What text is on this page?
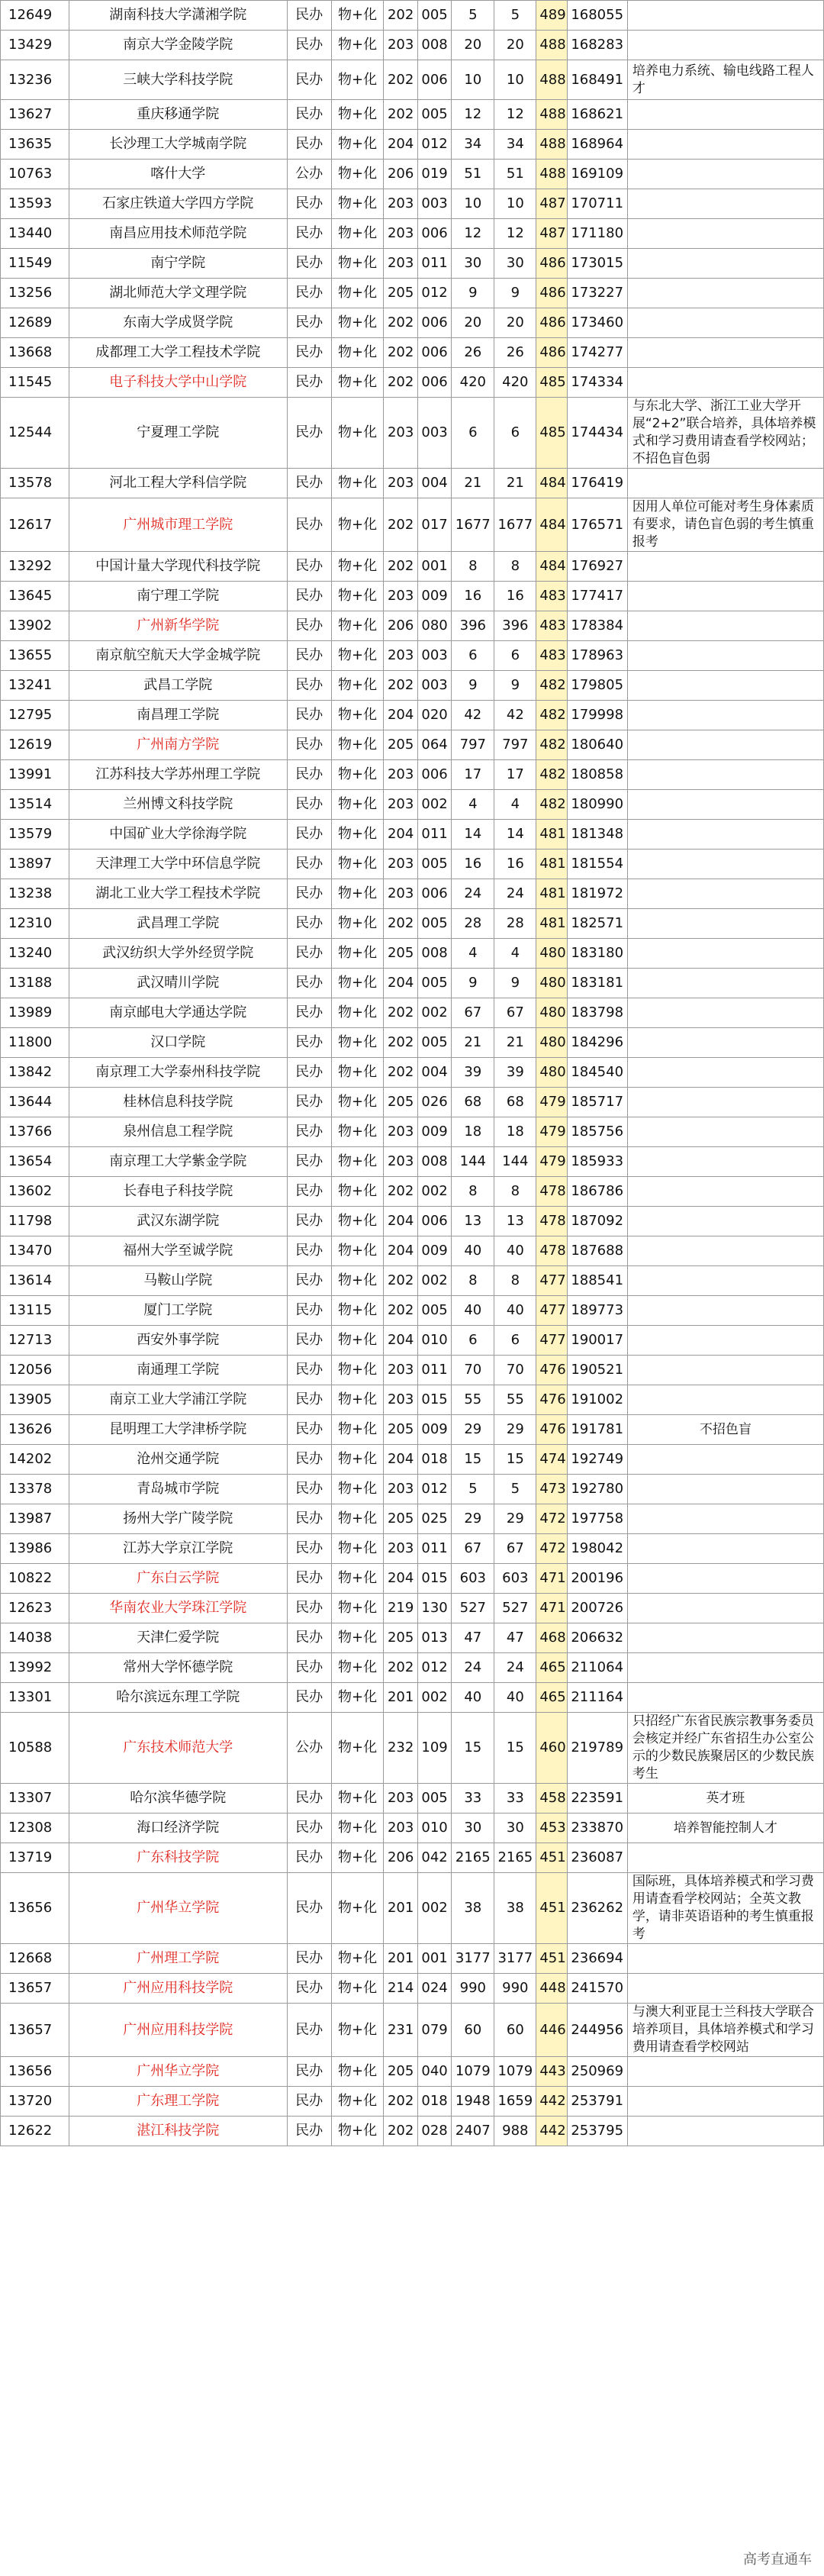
12649	湖南科技大学潇湘学院	民办	物+化	202	005	5	5	489	168055	
13429	南京大学金陵学院	民办	物+化	203	008	20	20	488	168283	
13236	三峡大学科技学院	民办	物+化	202	006	10	10	488	168491	培养电力系统、输电线路工程人才
13627	重庆移通学院	民办	物+化	202	005	12	12	488	168621	
13635	长沙理工大学城南学院	民办	物+化	204	012	34	34	488	168964	
10763	喀什大学	公办	物+化	206	019	51	51	488	169109	
13593	石家庄铁道大学四方学院	民办	物+化	203	003	10	10	487	170711	
13440	南昌应用技术师范学院	民办	物+化	203	006	12	12	487	171180	
11549	南宁学院	民办	物+化	203	011	30	30	486	173015	
13256	湖北师范大学文理学院	民办	物+化	205	012	9	9	486	173227	
12689	东南大学成贤学院	民办	物+化	202	006	20	20	486	173460	
13668	成都理工大学工程技术学院	民办	物+化	202	006	26	26	486	174277	
11545	电子科技大学中山学院	民办	物+化	202	006	420	420	485	174334	
12544	宁夏理工学院	民办	物+化	203	003	6	6	485	174434	与东北大学、浙江工业大学开展“2+2”联合培养，具体培养模式和学习费用请查看学校网站；不招色盲色弱
13578	河北工程大学科信学院	民办	物+化	203	004	21	21	484	176419	
12617	广州城市理工学院	民办	物+化	202	017	1677	1677	484	176571	因用人单位可能对考生身体素质有要求，请色盲色弱的考生慎重报考
13292	中国计量大学现代科技学院	民办	物+化	202	001	8	8	484	176927	
13645	南宁理工学院	民办	物+化	203	009	16	16	483	177417	
13902	广州新华学院	民办	物+化	206	080	396	396	483	178384	
13655	南京航空航天大学金城学院	民办	物+化	203	003	6	6	483	178963	
13241	武昌工学院	民办	物+化	202	003	9	9	482	179805	
12795	南昌理工学院	民办	物+化	204	020	42	42	482	179998	
12619	广州南方学院	民办	物+化	205	064	797	797	482	180640	
13991	江苏科技大学苏州理工学院	民办	物+化	203	006	17	17	482	180858	
13514	兰州博文科技学院	民办	物+化	203	002	4	4	482	180990	
13579	中国矿业大学徐海学院	民办	物+化	204	011	14	14	481	181348	
13897	天津理工大学中环信息学院	民办	物+化	203	005	16	16	481	181554	
13238	湖北工业大学工程技术学院	民办	物+化	203	006	24	24	481	181972	
12310	武昌理工学院	民办	物+化	202	005	28	28	481	182571	
13240	武汉纺织大学外经贸学院	民办	物+化	205	008	4	4	480	183180	
13188	武汉晴川学院	民办	物+化	204	005	9	9	480	183181	
13989	南京邮电大学通达学院	民办	物+化	202	002	67	67	480	183798	
11800	汉口学院	民办	物+化	202	005	21	21	480	184296	
13842	南京理工大学泰州科技学院	民办	物+化	202	004	39	39	480	184540	
13644	桂林信息科技学院	民办	物+化	205	026	68	68	479	185717	
13766	泉州信息工程学院	民办	物+化	203	009	18	18	479	185756	
13654	南京理工大学紫金学院	民办	物+化	203	008	144	144	479	185933	
13602	长春电子科技学院	民办	物+化	202	002	8	8	478	186786	
11798	武汉东湖学院	民办	物+化	204	006	13	13	478	187092	
13470	福州大学至诚学院	民办	物+化	204	009	40	40	478	187688	
13614	马鞍山学院	民办	物+化	202	002	8	8	477	188541	
13115	厦门工学院	民办	物+化	202	005	40	40	477	189773	
12713	西安外事学院	民办	物+化	204	010	6	6	477	190017	
12056	南通理工学院	民办	物+化	203	011	70	70	476	190521	
13905	南京工业大学浦江学院	民办	物+化	203	015	55	55	476	191002	
13626	昆明理工大学津桥学院	民办	物+化	205	009	29	29	476	191781	不招色盲
14202	沧州交通学院	民办	物+化	204	018	15	15	474	192749	
13378	青岛城市学院	民办	物+化	203	012	5	5	473	192780	
13987	扬州大学广陵学院	民办	物+化	205	025	29	29	472	197758	
13986	江苏大学京江学院	民办	物+化	203	011	67	67	472	198042	
10822	广东白云学院	民办	物+化	204	015	603	603	471	200196	
12623	华南农业大学珠江学院	民办	物+化	219	130	527	527	471	200726	
14038	天津仁爱学院	民办	物+化	205	013	47	47	468	206632	
13992	常州大学怀德学院	民办	物+化	202	012	24	24	465	211064	
13301	哈尔滨远东理工学院	民办	物+化	201	002	40	40	465	211164	
10588	广东技术师范大学	公办	物+化	232	109	15	15	460	219789	只招经广东省民族宗教事务委员会核定并经广东省招生办公室公示的少数民族聚居区的少数民族考生
13307	哈尔滨华德学院	民办	物+化	203	005	33	33	458	223591	英才班
12308	海口经济学院	民办	物+化	203	010	30	30	453	233870	培养智能控制人才
13719	广东科技学院	民办	物+化	206	042	2165	2165	451	236087	
13656	广州华立学院	民办	物+化	201	002	38	38	451	236262	国际班，具体培养模式和学习费用请查看学校网站；全英文教学，请非英语语种的考生慎重报考
12668	广州理工学院	民办	物+化	201	001	3177	3177	451	236694	
13657	广州应用科技学院	民办	物+化	214	024	990	990	448	241570	
13657	广州应用科技学院	民办	物+化	231	079	60	60	446	244956	与澳大利亚昆士兰科技大学联合培养项目，具体培养模式和学习费用请查看学校网站
13656	广州华立学院	民办	物+化	205	040	1079	1079	443	250969	
13720	广东理工学院	民办	物+化	202	018	1948	1659	442	253791	
12622	湛江科技学院	民办	物+化	202	028	2407	988	442	253795	
高考直通车
